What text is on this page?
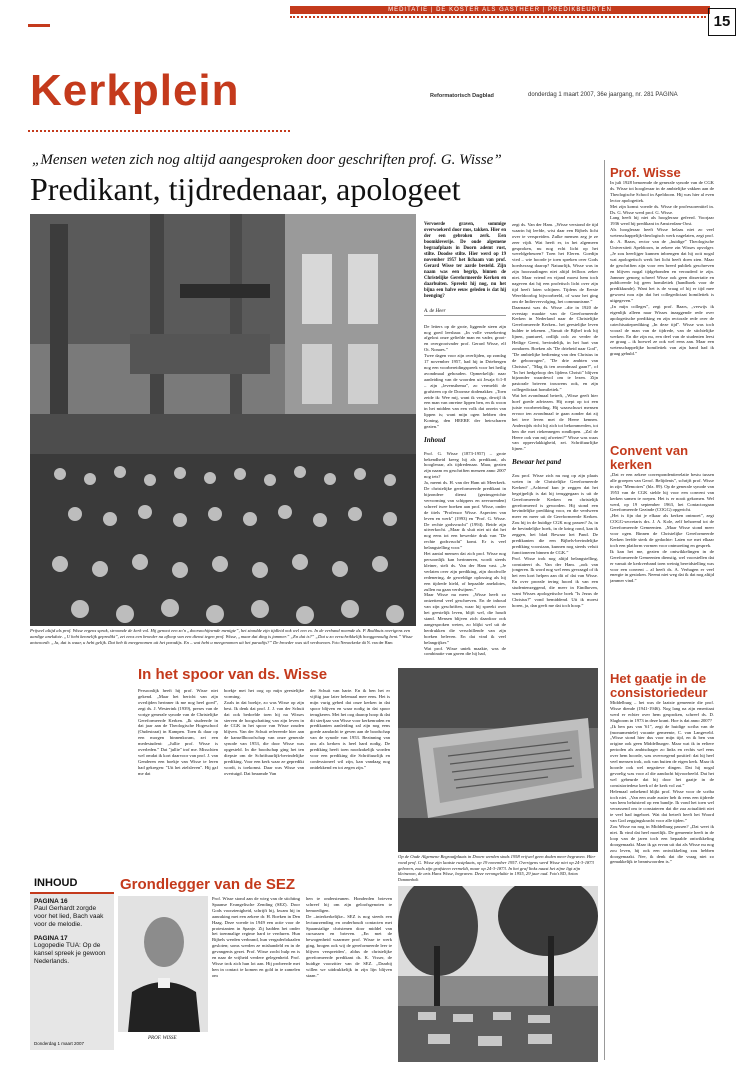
MEDITATIE | DE KOSTER ALS GASTHEER | PREDIKBEURTEN
Kerkplein	Reformatorisch Dagblad	donderdag 1 maart 2007, 36e jaargang, nr. 281 PAGINA
15
„Mensen weten zich nog altijd aangesproken door geschriften prof. G. Wisse”
Predikant, tijdredenaar, apologeet
Prijsvel altijd als prof. Wisse ergens sprak, stroomde de kerk vol. Hij genoot een zo'n „doorsnchijnende menigte”, het stondde zijn tijdleid ook wel een ex. In de verband noemde ds. P. Bodihuis overigens een aardige anekdote. „U hebt kennelijk gepredikt”, zei eens een broeder na afloop van een dienst tegen prof. Wisse, „maar dat ding is jammer.” „En dat is?” „Dat u zo verschrikkelijk hooggenoulig bent.” Wisse antwoordt: „Ja, dat is waar, u hebt gelijk. Dat heb ik meegenomen uit het paradijs. En – wat hebt u meegenomen uit het paradijs?” De broeder was stil verdwenen. Foto Neeuwkerke dit N. van der Ham

Vervoerde graven, sommige overwoekerd door mos, takken. Hier en der een gebroken zerk. Een boomkleverije. De oude algemene begraafplaats in Doorn ademt rust, stilte. Doodse stilte. Hier werd op 19 november 1957 het lichaam van prof. Gerard Wisse ter aarde besteld. Zijn naam was een begrip, binnen de Christelijke Gereformeerde Kerken en daarbuiten. Spreekt hij nog, nu het bijna een halve eeuw geleden is dat hij heenging?

A. de Heer

De letters op de grote, liggende steen zijn nog goed leesbaar. „In volle verzekering afgelost onze geliefde man en vader, groot- en overgrootvader prof. Gerard Wisse, elf Ot. Nonaes.”
Twee dagen voor zijn overlijden, op zondag 17 november 1957, had hij in Driebergen nog een voorbereidingspreek voor het heilig avondmaal gehouden. Opmerkelijk: naar aanleiding van de woorden uit Jesaja 6:1-8 – zijn „levensthema”, zo vermeldt de grafsteen op de Doornse dodenakker. „Toen zeide ik: Wee mij, want ik verga, dewijl ik een man van onreine lippen ben, en ik woon in het midden van een volk dat onrein van lippen is; want mijn ogen hebben den Koning, den HEERE der heirscharen gezien.”

Inhoud

Prof. G. Wisse (1873-1957) – grote bekendheid kreeg hij als predikant, als hoogleraar, als tijdredenaar. Maar, gezien zijn naam en geschriften menzen anno 2007 nog iets?
Ja, meent ds. H. van der Ham uit Meerkerk. De christelijke gereformeerde predikant in bijzondere dienst (gezinsgerichte vervorming van schippers en zeevarenden) schreef twee boeken aan prof. Wisse, onder de titels "Professor Wisse. Aspecten van leven en werk" (1993) en "Prof. G. Wisse. De rechte godsvrucht" (1994). Beide zijn uitverkocht. „Maar ik sluit niet uit dat het nog eens tot een bewerkte druk van "De rechte godsvrucht" komt. Er is veel belangstelling voor.”
Het aantal mensen dat zich prof. Wisse nog persoonlijk kan herinneren, wordt steeds kleiner, stelt ds. Van der Ham vast. „Je verlaten over zijn prediking, zijn doodvolle redenering, de geweldige oplossing als hij een tijdrede hield, of bepaalde anekdotes, zullen nu gaan verdwijnen.”
Maar Wisse nu meer. „Wisse heeft zo ontzettend veel geschreven. En de inhoud van zijn geschriften, waar hij spreekt over het geestelijk leven, blijft wel, die houdt stand. Mensen blijven zich daardoor ook aangesproken weten, zo blijkt wel uit de herdrukken die verschillende van zijn boeken beleven. En dat vind ik veel belangrijker.”
Wat prof. Wisse uniek maakte, was de combinatie van gaven die hij had,

zegt ds. Van der Ham. „Wisse verstond de tijd waarin hij leefde, wist daar een Bijbels licht over te verspreiden. Zulke mensen zeg je ze zeer vijdt. Wat heeft er, in het algemeen gesproken, nu nog echt licht op het wereldgebeuren? Toen het Eleren. Goedijn vied – wie hoorde je toen spreken over Gods hoedsvraag daarop? Natuurlijk, Wisse was in zijn hoorzaalingen niet altijd feilloos zeker niet. Maar vriend en vijand moest hem toch nageven dat hij een profetisch licht over zijn tijd heeft laten schijnen. Tijdens de Eerste Wereldoorlog bijvoorbeeld, of waar het ging om de Indiervervolging, het communisme.”
Daarnaast was ds. Wisse –die in 1920 de overstap maakte van de Gereformeerde Kerken in Nederland naar de Christelijke Gereformeerde Kerken– het geestelijke leven hulder te tekenen. „Vanuit de Bijbel trok hij lijnen, puntueel, ordlijk oolc zo verder de Heilige Geest, bevindelijk, in het hart van zondaren. Boeken als "De drieheid naar God", "De ambtelijke bediening van den Christus in de geboorogen", "De drie ambten van Christus", "Mag ik ten avondmaal gaan?", of "In het hedgeloop des lijdens Christi" blijven bijzonder waardevol om te lezen. Zijn pastorale brieven trouwens ook, en zijn collegedictaat homiletiek.”
Wat het avondmaal betreft, „Wisse geeft hier hoef goede adviezen. Hij roept op tot een juiste voorbereiding. Hij waarschuwt mensen ervoor ten avondmaal te gaan zonder dat zij het tere leven met de Heere kennen. Anderzijds richt hij zich tot bekommerden, tot hen die met riekennegen rondlopen. „Zal de Heere ook van mij afweten?” Wisse was waas van oppervlakkigheid, zei. Schriftuurlijke lijnen.”

Bewaar het pand

Zou prof. Wisse zich nu nog op zijn plaats weten in de Christelijke Gereformeerde Kerken? „Achteraf kun je zeggen dat het begrijpelijk is dat hij teruggegaan is uit de Gereformeerde Kerken en christelijk gereformeerd is geworden. Hij stond een bevindelijke prediking voor, en die verdween meer en meer uit de Gereformeerde Kerken. Zou hij in de huidige CGK nog passen? Ja, in de bevindelijke hoek, in de kring rond, kan ik zeggen, het blad Bewaar het Pand. De predikanten die een Bijbels-bevindelijke prediking voorstaan, kunnen nog steeds veluit functioneren binnen de CGK.”
Prof. Wisse trok nog altijd belangstelling, constateert ds. Van der Ham. „ook van jongeren. Ik word nog wel eens gevraagd of ik het een kort helpen aan dit of dat van Wisse. En over proeale tering hoord ik van een studentenzeggend, die meer in Eindhoven, want Wisses apologetische boek "Is Jezus de Christus?" vond bemiddend. Uit ik moest horen, ja, dan geeft me dat toch hoop.”

Prof. Wisse
In juli 1928 benoemde de generale synode van de CGK ds. Wisse tot hoogleraar in de ambtelijke vakken aan de Theologische School in Apeldoorn. Hij was hier al even lector apologetiek.
Met zijn komst voerde ds. Wisse de professorentitel in. Ds. G. Wisse werd prof. G. Wisse.
Lang heeft hij niet als hoogleraar gefeerd. Voorjaar 1936 werd hij predikant in Amsterdam-Oost.
Als hoogleraar heeft Wisse helaas niet zo veel wetenschappelijk-theologisch werk nagelaten, zegt prof. dr. A. Baars, rector van de „huidige” Theologische Universiteit Apeldoorn, in zekere zin Wisses opvolger. „Je zou heerlijger kunnen inbrengen dat hij ooit nogal wat apologetisch werk het licht heeft doen zien. Maar de geschriften zijn voor een breed publiek geschreven en blijven nogal tijdgebonden en verouderd te zijn. Jammer genoeg schreef Wisse ook geen dissertatie en publiceerde hij geen homiletiek (handboek voor de predikkunde). Want het is de vraag of hij er tijd mee gewoest nou zijn dat het collegedictaat homiletiek is uitgegeven.”
„In mijn colleges”, zegt prof. Baars, „verwijs ik eigenlijk alleen naar Wisses inzaggende rede over apologetische prediking en zijn rectorale rede over de catechisatieprediking „In deze tijd”. Wisse was toch vooral de man van de tijdrede, van de stichtelijke werken. En die zijn nu, een deel van de studenten leest ze graag – ik hoewel ze ook wel eens aan. Maar een wetenschappelijke homiletiek van zijn hand had ik graag gehuld.”
Convent van kerken
„Dat er een zekere correspondentierelatie bestu tussen alle groepen van Gerof. Belijdenis”, schrijft prof. Wisse in zijn "Memoires" (blz. 89). Op de generale synode van 1953 van de CGK stelde hij voor een convent van kerken samen te roepen. Het is er nooit gekomen. Wel werd, op 19 september 1963, het Contactorgaan Gereformeerde Gezinde (COGG) opgericht.
„Het is fijn dat je elkaar als kerken ontmoet”, zegt COGG-secretaris drs. J. A. Kole, zelf behorend tot de Gereformeerde Gemeenten. „Maar Wisse stond meer voor ogen. Binnen de Christelijke Gereformeerde Kerken leefde sterk de gedachte: Laten we met elkaar toch een platform vormen voor ontmoeting en gesprek.
Ik kan het me, gezien de ontwikkelingen in de Gereformeerde Gemeenten dienstig, wel voorstellen dat er vanuit de kerkverband toen weinig bereidstelling was voor een convent – al heeft ds. A. Verhagen er veel energie in gestoken. Neemt niet weg dat ik dat nog altijd jammer vind.”
Het gaatje in de consistoriedeur
Middelburg – het was de laatste gemeente die prof. Wisse diende (1941-1946). Nog lang na zijn emeritaat werd er echter over hem gesproken, schreef ds. D. Slagboom in 1973 in deze krant. Hoe is dat anno 2007?
„Ik ben pas van '61”, zegt de huidige scriba van de (monumentele) vacante gemeente, C. van Langeveld. „Wisse stond hier dus voor mijn tijd, en ik ben van origine ook geen Middelburger. Maar wat ik in eeltere perioden als ambtsdrager zo links en rechts wel eens over hem hoorde, was overwegend positief: dat hij heel veel mensen trok, ook van buiten de eigen kerk. Maar ik hoorde ook wel negatieve dingen. Dat hij nogal gevoelig was voor al die aandacht bijvoorbeeld. Dat het wel gebeurde dat hij door het gaatje in de consistoriedeur keek of de kerk vol zat.”
Helemaal onbekend blijkt prof. Wisse voor de scriba toch niet. „Van een oude zuster heb ik eens een tijdrede van hem beluisterd op een bandje. Ik vond het toen wel verrassend om te constateren dat die zaa actualiteit niet te veel had ingeboet. Wat dat betreft heeft het Woord van God zeggingskracht voor alle tijden.”
Zou Wisse nu nog in Middelburg passen? „Dat weet ik niet. Ik vind dat heel moeilijk. De gemeente heeft in de loop van de jaren toch een bepaalde ontwikkeling doorgemaakt. Maar ik ga ervan uit dat als Wisse nu nog zou leven, hij ook een ontwikkeling zou hebben doorgemaakt. Nee, ik denk dat die vraag niet zo gemakkelijk te beantwoorden is.”
In het spoor van ds. Wisse
Persoonlijk heeft hij prof. Wisse niet gekend. „Maar het bericht van zijn overlijden herinner ik me nog heel goed”, zegt ds. J. Westerink (1939), preses van de vorige generale synode van de Christelijke Gereformeerde Kerken. „Ik studeerde in dat jaar aan de Theologische Hogeschool (Oudestraat) in Kampen. Toen ik daar op een morgen binnenkwam, zei een medestudent: „Jullie prof. Wisse is overleden.” Dat "jullie" trof me. Misschien wel omdat ik kort daarvoor van prof. J. van Genderen een boekje van Wisse te leren had gekregen: "Uit het zielsleven". Hij gaf me dat
boekje met het oog op mijn geestelijke vorming.
Zoals in dat boekje, zo was Wisse op zijn best. Ik denk dat prof. J. J. van der Schuit dat ook bedoelde toen hij na Wisses sterven de hoogschatting van zijn leven in de CGK in het spoor van Wisse zouden blijven. Van der Schuit refereerde hier aan de kansellbooofschap van onze generale synode van 1953, die door Wisse was opgesteld. In die boodschap ging het ten diepste om de Schriftuurlijk-bevindelijke prediking. Voor een kerk waar ze gepredikt wordt, is toekomst. Daar was Wisse van overtuigd. Dat beaamde Van
der Schuit van harte. En ik ben het er vijftig jaar later helemaal mee eens. Het is mijn vurig gebed dat onze kerken in dat spoor blijven en waar nodig in dat spoor terugkeren. Met het oog daarop hoop ik dat dit sterfjaar van Wisse voor kerkenraden en predikanten aanleiding zal zijn nog eens goede aandacht te geven aan de boodschap van de synode van 1953. Bezinning van ons als kerken is heel hard nodig. De prediking heeft toen noodzakelijk worden voor een prediking die Schriftuurlijk en confessioneel wil zijn, kan vandaag nog ontdekkend en tot zegen zijn.”
Op de Oude Algemene Begraafplaats in Doorn werden sinds 1958 vrijwel geen doden meer begraven. Hier vond prof. G. Wisse zijn laatste rustplaats, op 19 november 1957. Overigens werd Wisse niet op 24-3-1873 geboren, zoals zijn grafsteen vermeldt, maar op 24-3-1873. In het graf links naast het zijne ligt zijn kleinzoon, de arts Hans Wisse, begraven. Deze verongelukte in 1955, 29 jaar oud. Foto's RD, Anton Dommerholt
Grondlegger van de SEZ
PROF. WISSE
Prof. Wisse stond aan de wieg van de stichting Spaanse Evangelische Zending (SEZ). Door Gods voorzienigheid, schrijft hij, kwam hij in aanraking met een zekere dr. H. Boeken in Den Haag. Deze voerde in 1949 een actie voor de protestanten in Spanje. Zij hadden het onder het toenmalige regime hard te verduren. Hun Bijbels werden verbrand, hun vergaderlokaalen gesloten; soms werden ze mishandeld en in de gevangenis gezet. Prof. Wisse zocht hulp en is en naar de vrijheid verdere gelegenheid. Prof. Wisse trok zich hun lot aan. Hij probeerde met hen in contact te komen en gold in te zamelen om
hen te ondersteunen. Honderden brieven schreef hij om zijn geloofsgenoten te bemoedigen.
De –interkerkelijke– SEZ is nog steeds een lectuurzending en onderhoudt contacten met Spaanstalige christenen door middel van cursussen en brieven. „En met de bewogenheid waarmee prof. Wisse te werk ging, brogen ook wij de gereformeerde leer te blijven verspreiden’, aldus de christelijke gereformeerde predikant ds. K. Visser, de huidige voorzitter van de SEZ. „Daarbij willen we uitdrukkelijk in zijn lijn blijven staan.”
INHOUD
PAGINA 16
Paul Gerhardt zorgde voor het lied, Bach vaak voor de melodie.
PAGINA 17
Logopedie TUA: Op de kansel spreek je gewoon Nederlands.
Donderdag 1 maart 2007
